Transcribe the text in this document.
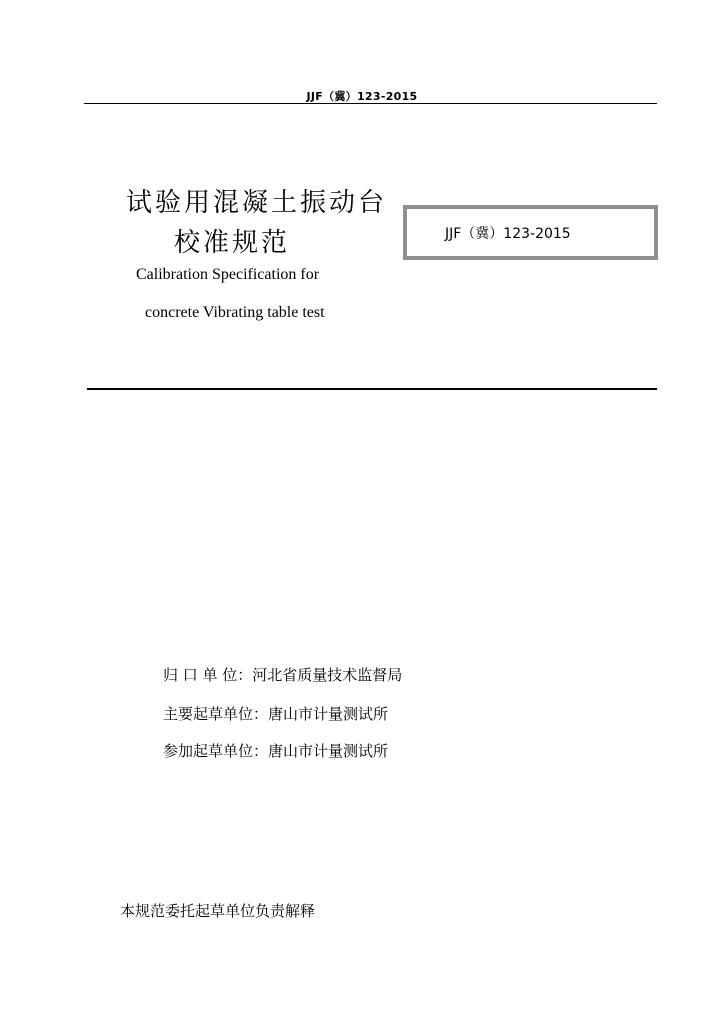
JJF（冀）123-2015
试验用混凝土振动台
校准规范
Calibration Specification for
concrete Vibrating table test
JJF（冀）123-2015
归 口 单 位：河北省质量技术监督局
主要起草单位：唐山市计量测试所
参加起草单位：唐山市计量测试所
本规范委托起草单位负责解释
